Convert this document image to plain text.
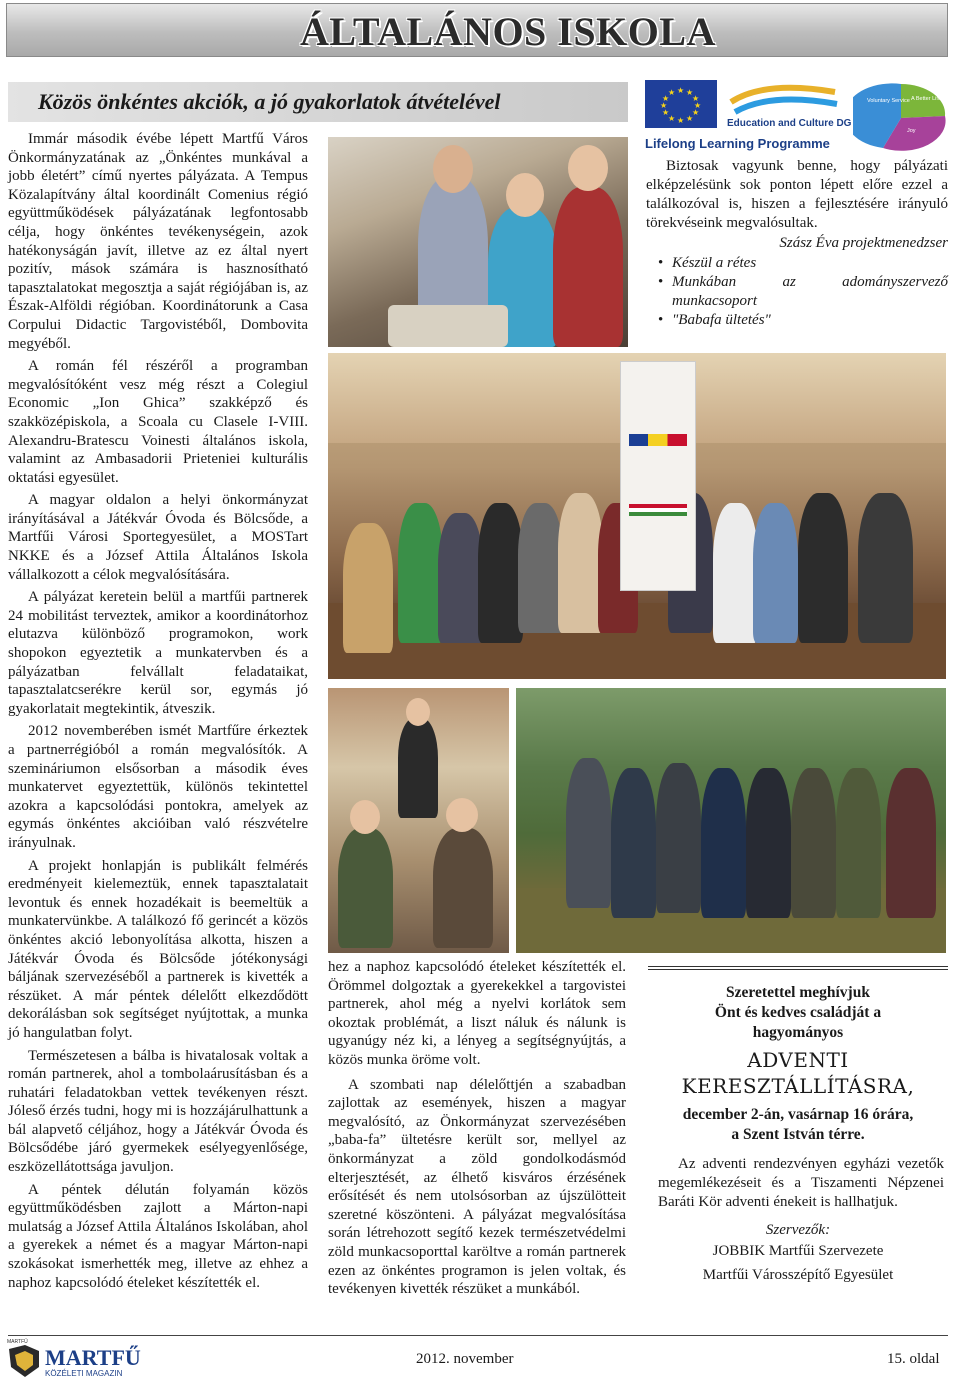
ÁLTALÁNOS ISKOLA
Közös önkéntes akciók, a jó gyakorlatok átvételével

Immár második évébe lépett Martfű Város Önkormányzatának az „Önkéntes munkával a jobb életért” című nyertes pályázata. A Tempus Közalapítvány által koordinált Comenius régió együttműködések pályázatának legfontosabb célja, hogy önkéntes tevékenységein, azok hatékonyságán javít, illetve az ez által nyert pozitív, mások számára is hasznosítható tapasztalatokat megosztja a saját régiójában is, az Észak-Alföldi régióban. Koordinátorunk a Casa Corpului Didactic Targovistéből, Dombovita megyéből.

A román fél részéről a programban megvalósítóként vesz még részt a Colegiul Economic „Ion Ghica” szakképző és szakközépiskola, a Scoala cu Clasele I-VIII. Alexandru-Bratescu Voinesti általános iskola, valamint az Ambasadorii Prieteniei kulturális oktatási egyesület.

A magyar oldalon a helyi önkormányzat irányításával a Játékvár Óvoda és Bölcsőde, a Martfűi Városi Sportegyesület, a MOSTart NKKE és a József Attila Általános Iskola vállalkozott a célok megvalósítására.

A pályázat keretein belül a martfűi partnerek 24 mobilitást terveztek, amikor a koordinátorhoz elutazva különböző programokon, work shopokon egyeztetik a munkatervben és a pályázatban felvállalt feladataikat, tapasztalatcserékre kerül sor, egymás jó gyakorlatait megtekintik, átveszik.

2012 novemberében ismét Martfűre érkeztek a partnerrégióból a román megvalósítók. A szemináriumon elsősorban a második éves munkatervet egyeztettük, különös tekintettel azokra a kapcsolódási pontokra, amelyek az egymás önkéntes akcióiban való részvételre irányulnak.

A projekt honlapján is publikált felmérés eredményeit kielemeztük, ennek tapasztalatait levontuk és ennek hozadékait is beemeltük a munkatervünkbe. A találkozó fő gerincét a közös önkéntes akció lebonyolítása alkotta, hiszen a Játékvár Óvoda és Bölcsőde jótékonysági báljának szervezéséből a partnerek is kivették a részüket. A már péntek délelőtt elkezdődött dekorálásban sok segítséget nyújtottak, a munka jó hangulatban folyt.

Természetesen a bálba is hivatalosak voltak a román partnerek, ahol a tombolaárusításban és a ruhatári feladatokban vettek tevékenyen részt. Jóleső érzés tudni, hogy mi is hozzájárulhattunk a bál alapvető céljához, hogy a Játékvár Óvoda és Bölcsődébe járó gyermekek esélyegyenlősége, eszközellátottsága javuljon.

A péntek délután folyamán közös együttműködésben zajlott a Márton-napi mulatság a József Attila Általános Iskolában, ahol a gyerekek a német és a magyar Márton-napi szokásokat ismerhették meg, illetve az ehhez a naphoz kapcsolódó ételeket készítették el.

hez a naphoz kapcsolódó ételeket készítették el. Örömmel dolgoztak a gyerekekkel a targovistei partnerek, ahol még a nyelvi korlátok sem okoztak problémát, a liszt náluk és nálunk is ugyanúgy néz ki, a lényeg a segítségnyújtás, a közös munka öröme volt.

A szombati nap délelőttjén a szabadban zajlottak az események, hiszen a magyar megvalósító, az Önkormányzat szervezésében „baba-fa” ültetésre került sor, mellyel az önkormányzat a zöld gondolkodásmód elterjesztését, az élhető kisváros érzésének erősítését és nem utolsósorban az újszülötteit szeretné köszönteni. A pályázat megvalósítása során létrehozott segítő kezek természetvédelmi zöld munkacsoporttal karöltve a román partnerek ezen az önkéntes programon is jelen voltak, és tevékenyen kivették részüket a munkából.

★ ★
★
★
★
★
★
★
★
★
★
★
Education and Culture DG
Lifelong Learning Programme
Voluntary Service A Better Life
Joy

Biztosak vagyunk benne, hogy pályázati elképzelésünk sok ponton lépett előre ezzel a találkozóval is, hiszen a fejlesztésére irányuló törekvéseink megvalósultak.

Szász Éva projektmenedzser
• Készül a rétes
• Munkában az adományszervező munkacsoport
• "Babafa ültetés"
Szeretettel meghívjuk
Önt és kedves családját a
hagyományos
ADVENTI
KERESZTÁLLÍTÁSRA,
december 2-án, vasárnap 16 órára,
a Szent István térre.
Az adventi rendezvényen egyházi vezetők megemlékezéseit és a Tiszamenti Népzenei Baráti Kör adventi énekeit is hallhatjuk.
Szervezők:
JOBBIK Martfűi Szervezete
Martfűi Városszépítő Egyesület
MARTFŰ
MARTFŰ
KÖZÉLETI MAGAZIN
2012. november	15. oldal
